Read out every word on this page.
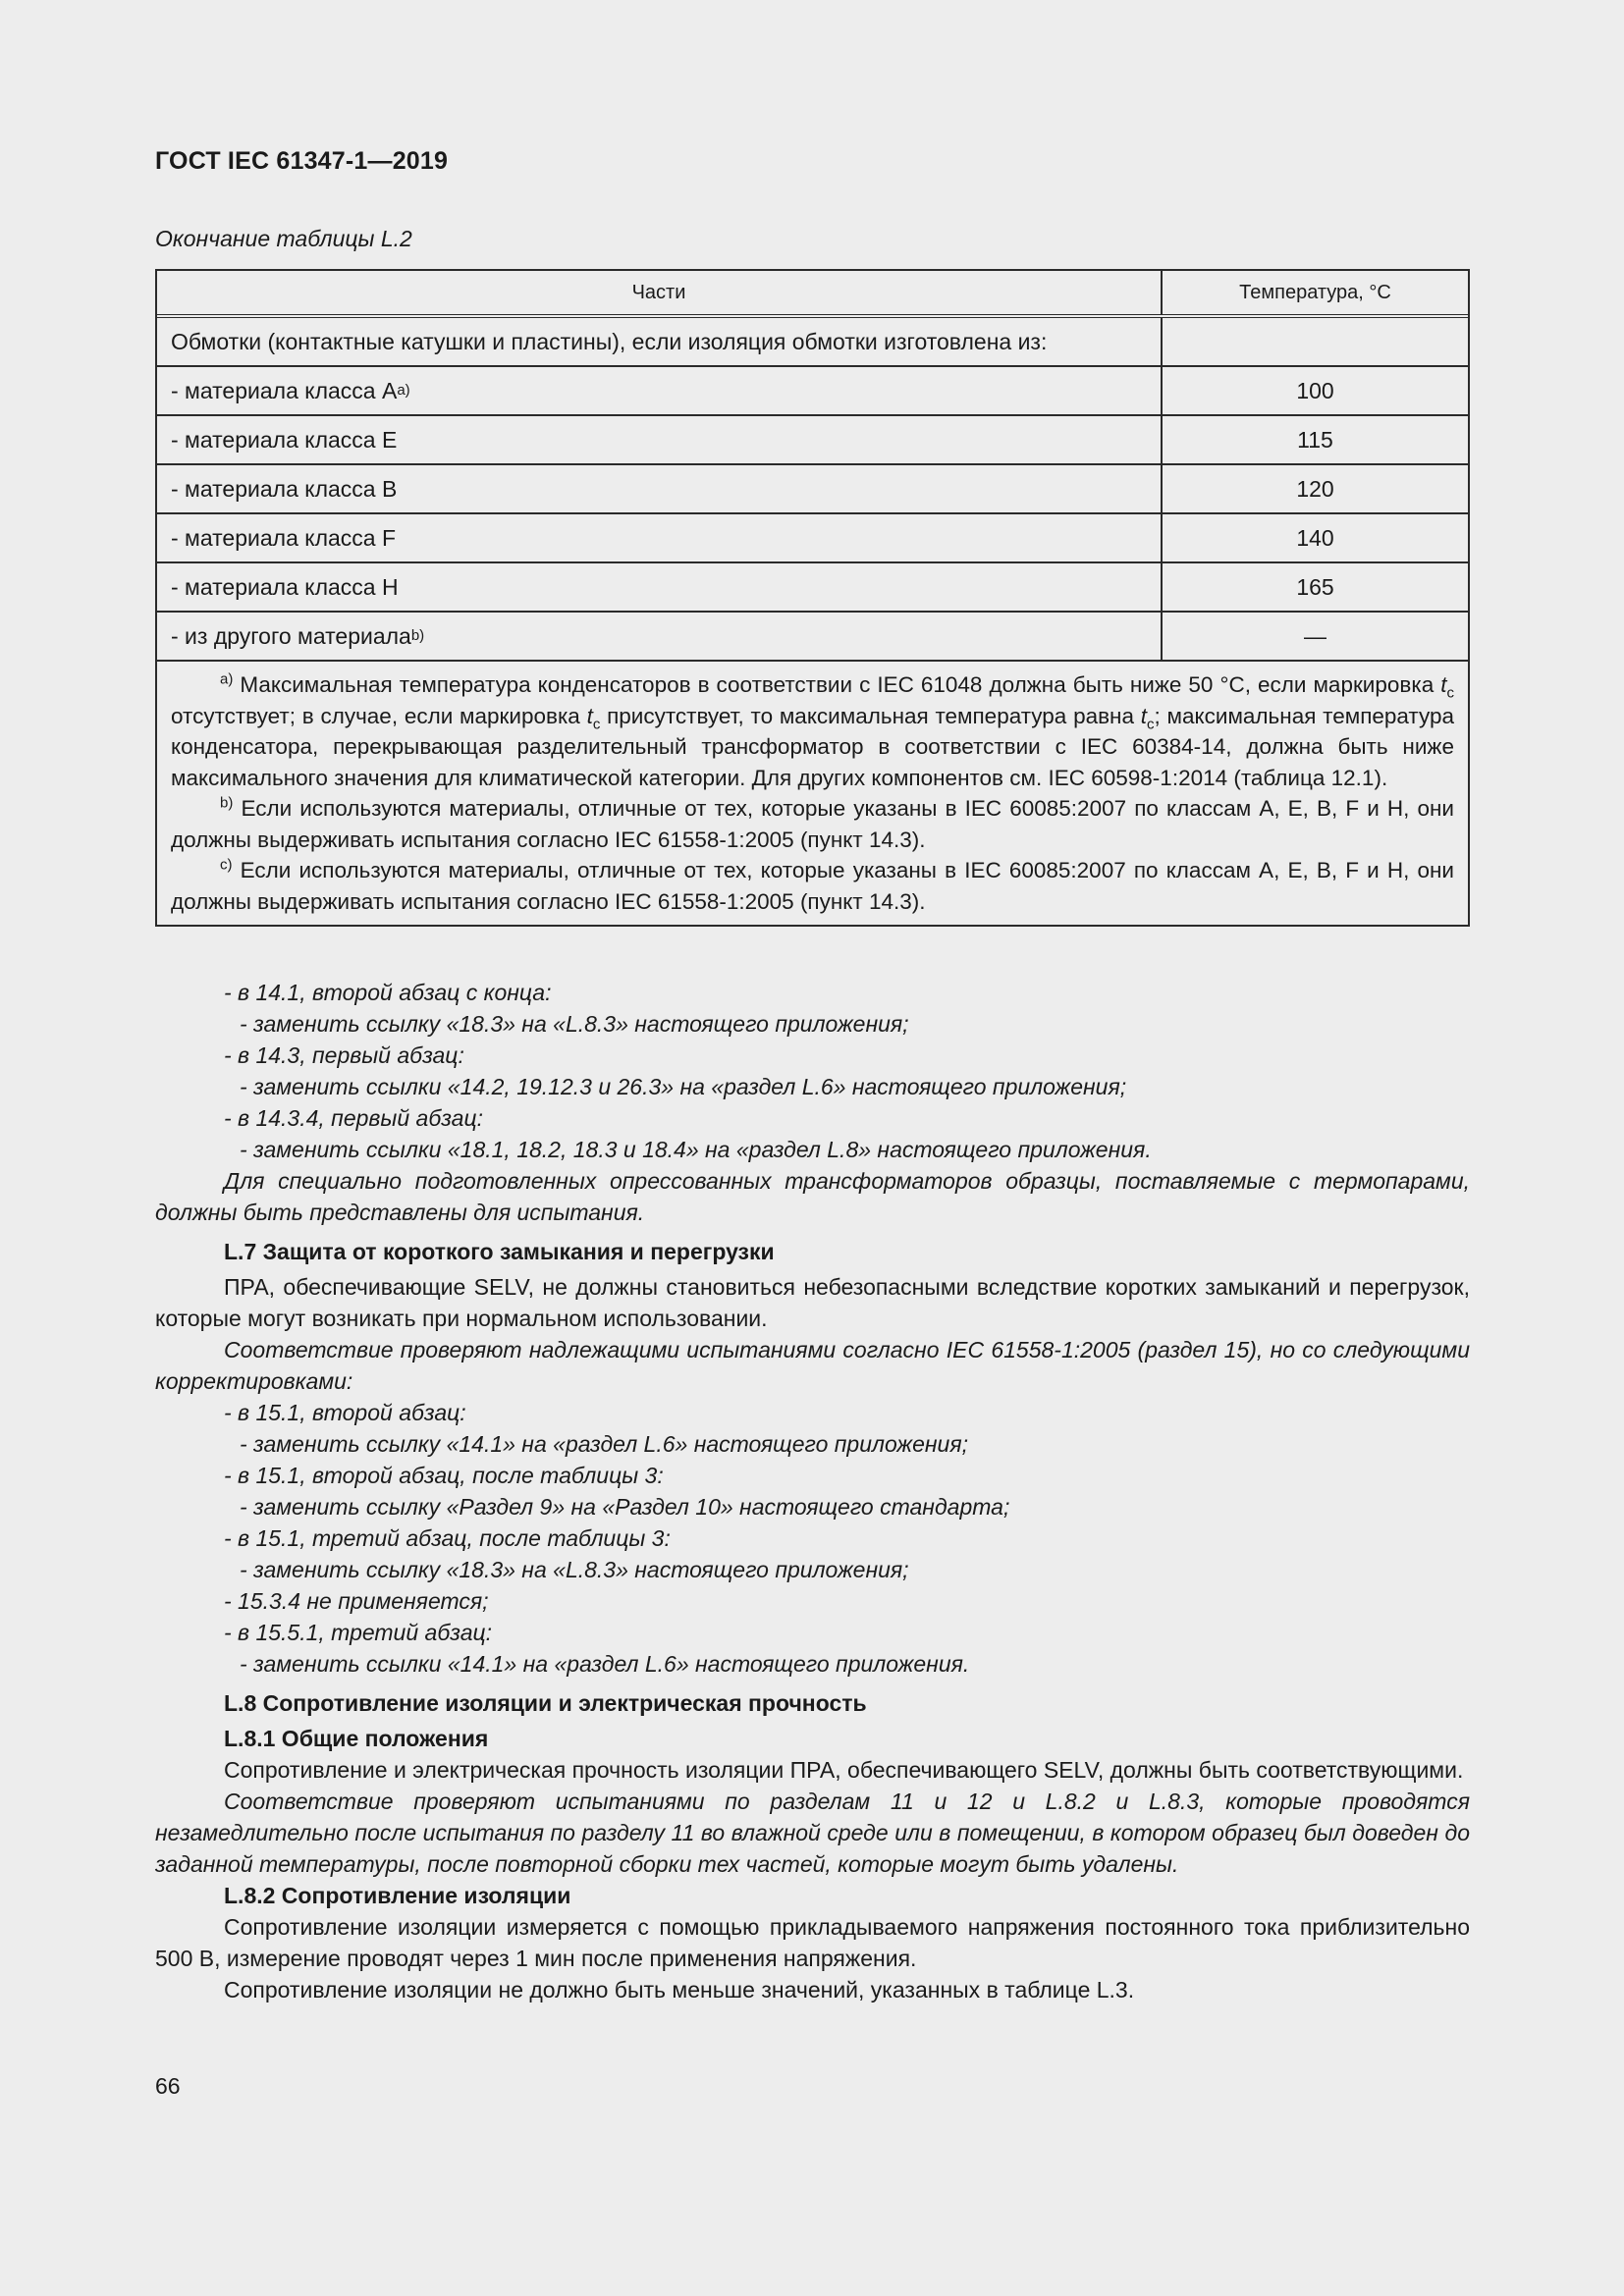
ГОСТ IEC 61347-1—2019
Окончание таблицы L.2
Части	Температура, °С
Обмотки (контактные катушки и пластины), если изоляция обмотки изготовлена из:
- материала класса А a)	100
- материала класса Е	115
- материала класса В	120
- материала класса F	140
- материала класса Н	165
- из другого материала b)	—

$^{a)}$ Максимальная температура конденсаторов в соответствии с IEC 61048 должна быть ниже 50 °С, если маркировка $t_c$ отсутствует; в случае, если маркировка $t_c$ присутствует, то максимальная температура равна $t_c$; максимальная температура конденсатора, перекрывающая разделительный трансформатор в соответствии с IEC 60384-14, должна быть ниже максимального значения для климатической категории. Для других компонентов см. IEC 60598-1:2014 (таблица 12.1).

$^{b)}$ Если используются материалы, отличные от тех, которые указаны в IEC 60085:2007 по классам А, Е, В, F и Н, они должны выдерживать испытания согласно IEC 61558-1:2005 (пункт 14.3).

$^{c)}$ Если используются материалы, отличные от тех, которые указаны в IEC 60085:2007 по классам А, Е, В, F и Н, они должны выдерживать испытания согласно IEC 61558-1:2005 (пункт 14.3).

- в 14.1, второй абзац с конца:

- заменить ссылку «18.3» на «L.8.3» настоящего приложения;

- в 14.3, первый абзац:

- заменить ссылки «14.2, 19.12.3 и 26.3» на «раздел L.6» настоящего приложения;

- в 14.3.4, первый абзац:

- заменить ссылки «18.1, 18.2, 18.3 и 18.4» на «раздел L.8» настоящего приложения.

Для специально подготовленных опрессованных трансформаторов образцы, поставляемые с термопарами, должны быть представлены для испытания.

L.7 Защита от короткого замыкания и перегрузки

ПРА, обеспечивающие SELV, не должны становиться небезопасными вследствие коротких замыканий и перегрузок, которые могут возникать при нормальном использовании.

Соответствие проверяют надлежащими испытаниями согласно IEC 61558-1:2005 (раздел 15), но со следующими корректировками:

- в 15.1, второй абзац:

- заменить ссылку «14.1» на «раздел L.6» настоящего приложения;

- в 15.1, второй абзац, после таблицы 3:

- заменить ссылку «Раздел 9» на «Раздел 10» настоящего стандарта;

- в 15.1, третий абзац, после таблицы 3:

- заменить ссылку «18.3» на «L.8.3» настоящего приложения;

- 15.3.4 не применяется;

- в 15.5.1, третий абзац:

- заменить ссылки «14.1» на «раздел L.6» настоящего приложения.

L.8 Сопротивление изоляции и электрическая прочность

L.8.1 Общие положения

Сопротивление и электрическая прочность изоляции ПРА, обеспечивающего SELV, должны быть соответствующими.

Соответствие проверяют испытаниями по разделам 11 и 12 и L.8.2 и L.8.3, которые проводятся незамедлительно после испытания по разделу 11 во влажной среде или в помещении, в котором образец был доведен до заданной температуры, после повторной сборки тех частей, которые могут быть удалены.

L.8.2 Сопротивление изоляции

Сопротивление изоляции измеряется с помощью прикладываемого напряжения постоянного тока приблизительно 500 В, измерение проводят через 1 мин после применения напряжения.

Сопротивление изоляции не должно быть меньше значений, указанных в таблице L.3.

66
